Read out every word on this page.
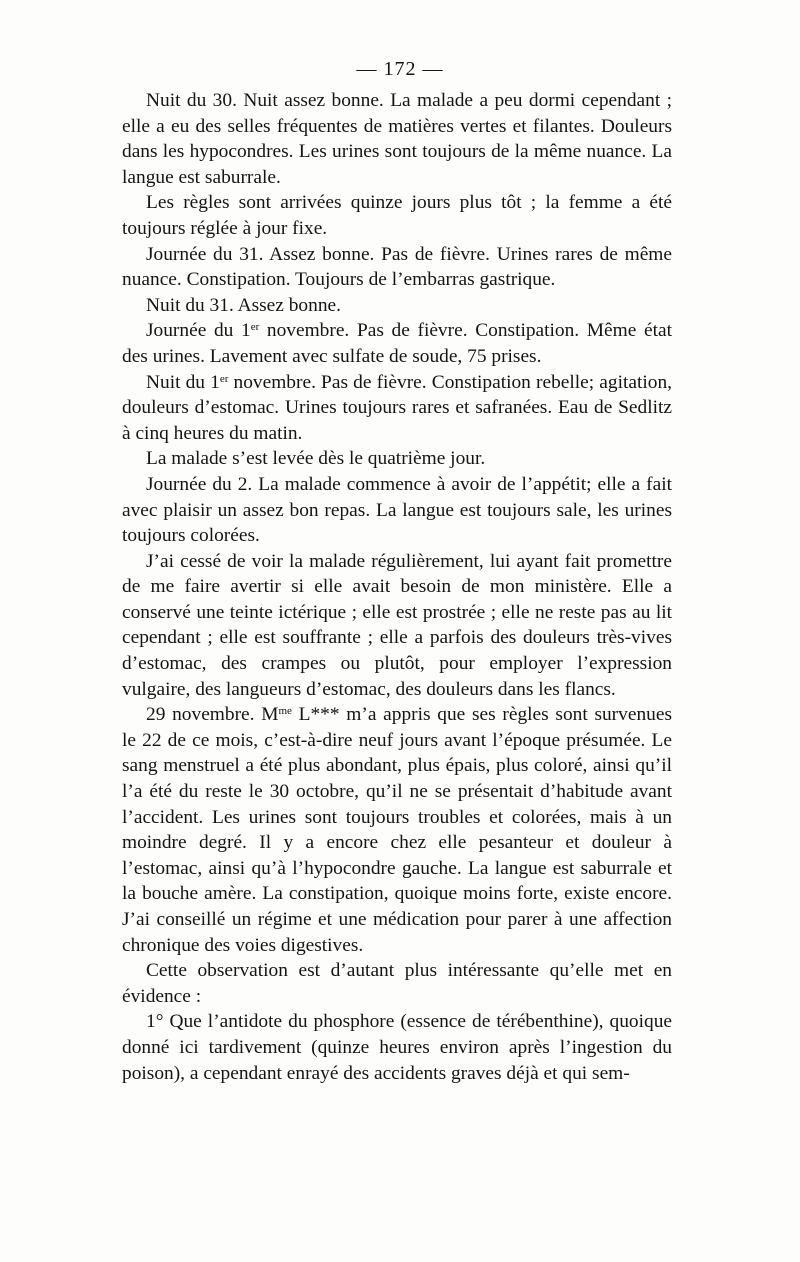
— 172 —

Nuit du 30. Nuit assez bonne. La malade a peu dormi cependant ; elle a eu des selles fréquentes de matières vertes et filantes. Douleurs dans les hypocondres. Les urines sont toujours de la même nuance. La langue est saburrale.

Les règles sont arrivées quinze jours plus tôt ; la femme a été toujours réglée à jour fixe.

Journée du 31. Assez bonne. Pas de fièvre. Urines rares de même nuance. Constipation. Toujours de l’embarras gastrique.

Nuit du 31. Assez bonne.

Journée du 1er novembre. Pas de fièvre. Constipation. Même état des urines. Lavement avec sulfate de soude, 75 prises.

Nuit du 1er novembre. Pas de fièvre. Constipation rebelle; agitation, douleurs d’estomac. Urines toujours rares et safranées. Eau de Sedlitz à cinq heures du matin.

La malade s’est levée dès le quatrième jour.

Journée du 2. La malade commence à avoir de l’appétit; elle a fait avec plaisir un assez bon repas. La langue est toujours sale, les urines toujours colorées.

J’ai cessé de voir la malade régulièrement, lui ayant fait promettre de me faire avertir si elle avait besoin de mon ministère. Elle a conservé une teinte ictérique ; elle est prostrée ; elle ne reste pas au lit cependant ; elle est souffrante ; elle a parfois des douleurs très-vives d’estomac, des crampes ou plutôt, pour employer l’expression vulgaire, des langueurs d’estomac, des douleurs dans les flancs.

29 novembre. $M^{me}$ L*** m’a appris que ses règles sont survenues le 22 de ce mois, c’est-à-dire neuf jours avant l’époque présumée. Le sang menstruel a été plus abondant, plus épais, plus coloré, ainsi qu’il l’a été du reste le 30 octobre, qu’il ne se présentait d’habitude avant l’accident. Les urines sont toujours troubles et colorées, mais à un moindre degré. Il y a encore chez elle pesanteur et douleur à l’estomac, ainsi qu’à l’hypocondre gauche. La langue est saburrale et la bouche amère. La constipation, quoique moins forte, existe encore. J’ai conseillé un régime et une médication pour parer à une affection chronique des voies digestives.

Cette observation est d’autant plus intéressante qu’elle met en évidence :

1° Que l’antidote du phosphore (essence de térébenthine), quoique donné ici tardivement (quinze heures environ après l’ingestion du poison), a cependant enrayé des accidents graves déjà et qui sem-
